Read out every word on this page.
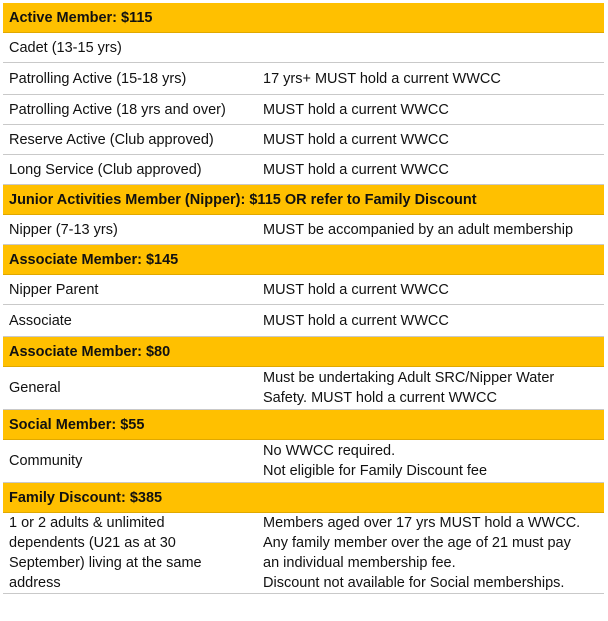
Active Member: $115	
Cadet (13-15 yrs)	
Patrolling Active (15-18 yrs)	17 yrs+ MUST hold a current WWCC
Patrolling Active (18 yrs and over)	MUST hold a current WWCC
Reserve Active (Club approved)	MUST hold a current WWCC
Long Service (Club approved)	MUST hold a current WWCC
Junior Activities Member (Nipper): $115 OR refer to Family Discount	
Nipper (7-13 yrs)	MUST be accompanied by an adult membership
Associate Member: $145	
Nipper Parent	MUST hold a current WWCC
Associate	MUST hold a current WWCC
Associate Member: $80	
General	Must be undertaking Adult SRC/Nipper Water
Safety. MUST hold a current WWCC

Social Member: $55	
Community	No WWCC required.
Not eligible for Family Discount fee

Family Discount: $385	

1 or 2 adults & unlimited
dependents (U21 as at 30
September) living at the same
address	Members aged over 17 yrs MUST hold a WWCC.
Any family member over the age of 21 must pay
an individual membership fee.
Discount not available for Social memberships.
